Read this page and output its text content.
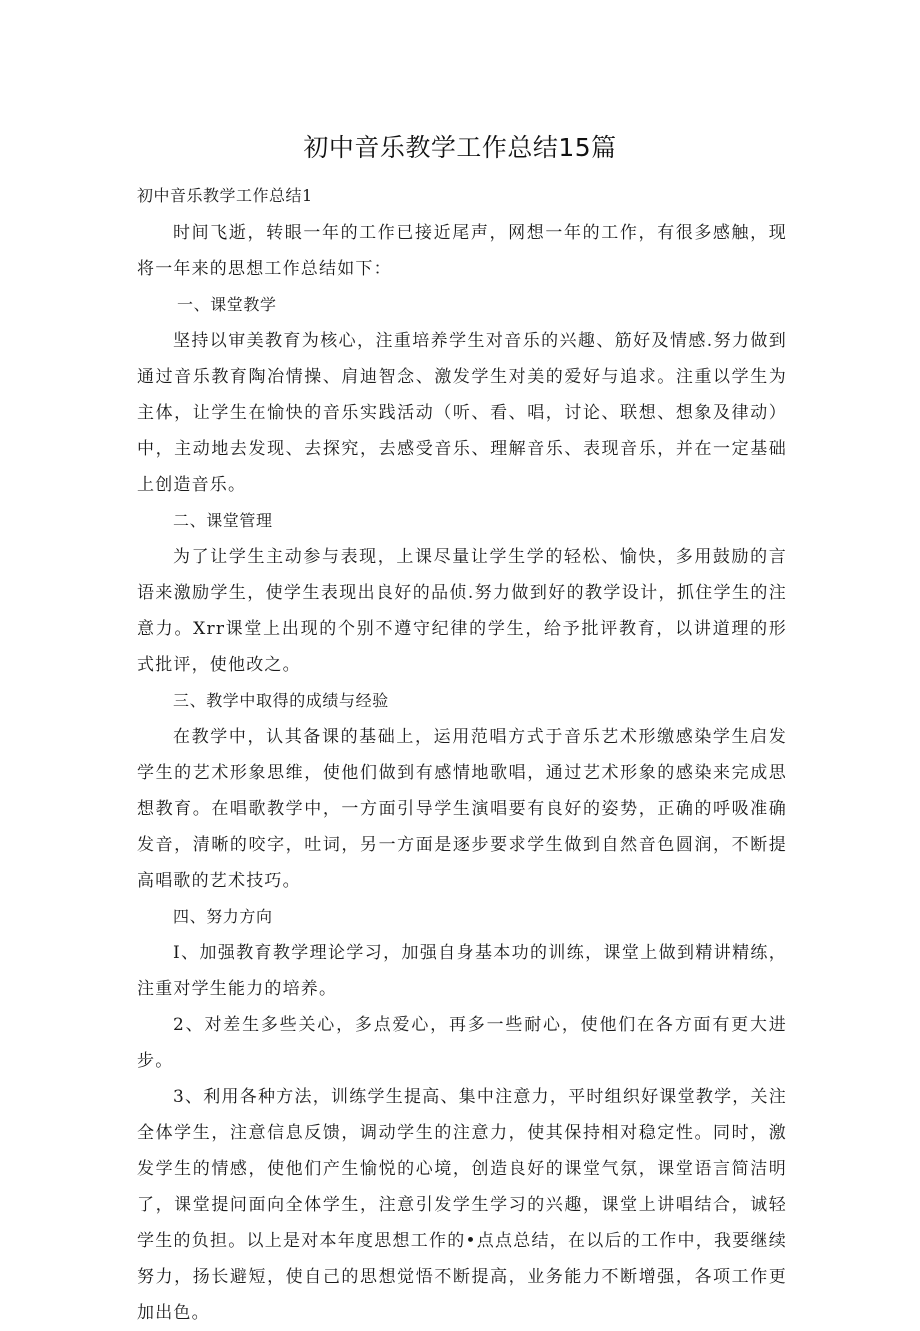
初中音乐教学工作总结15篇
初中音乐教学工作总结1

时间飞逝，转眼一年的工作已接近尾声，网想一年的工作，有很多感触，现将一年来的思想工作总结如下：

一、课堂教学

坚持以审美教育为核心，注重培养学生对音乐的兴趣、筋好及情感.努力做到通过音乐教育陶冶情操、肩迪智念、激发学生对美的爱好与追求。注重以学生为主体，让学生在愉快的音乐实践活动（听、看、唱，讨论、联想、想象及律动）中，主动地去发现、去探究，去感受音乐、理解音乐、表现音乐，并在一定基础上创造音乐。

二、课堂管理

为了让学生主动参与表现，上课尽量让学生学的轻松、愉快，多用鼓励的言语来激励学生，使学生表现出良好的品侦.努力做到好的教学设计，抓住学生的注意力。Xrr课堂上出现的个别不遵守纪律的学生，给予批评教育，以讲道理的形式批评，使他改之。

三、教学中取得的成绩与经验

在教学中，认其备课的基础上，运用范唱方式于音乐艺术形缴感染学生启发学生的艺术形象思维，使他们做到有感情地歌唱，通过艺术形象的感染来完成思想教育。在唱歌教学中，一方面引导学生演唱要有良好的姿势，正确的呼吸准确发音，清晰的咬字，吐词，另一方面是逐步要求学生做到自然音色圆润，不断提高唱歌的艺术技巧。

四、努力方向

I、加强教育教学理论学习，加强自身基本功的训练，课堂上做到精讲精练，注重对学生能力的培养。

2、对差生多些关心，多点爱心，再多一些耐心，使他们在各方面有更大进步。

3、利用各种方法，训练学生提高、集中注意力，平时组织好课堂教学，关注全体学生，注意信息反馈，调动学生的注意力，使其保持相对稳定性。同时，激发学生的情感，使他们产生愉悦的心境，创造良好的课堂气氛，课堂语言简洁明了，课堂提问面向全体学生，注意引发学生学习的兴趣，课堂上讲唱结合，诚轻学生的负担。以上是对本年度思想工作的•点点总结，在以后的工作中，我要继续努力，扬长避短，使自己的思想觉悟不断提高，业务能力不断增强，各项工作更加出色。
